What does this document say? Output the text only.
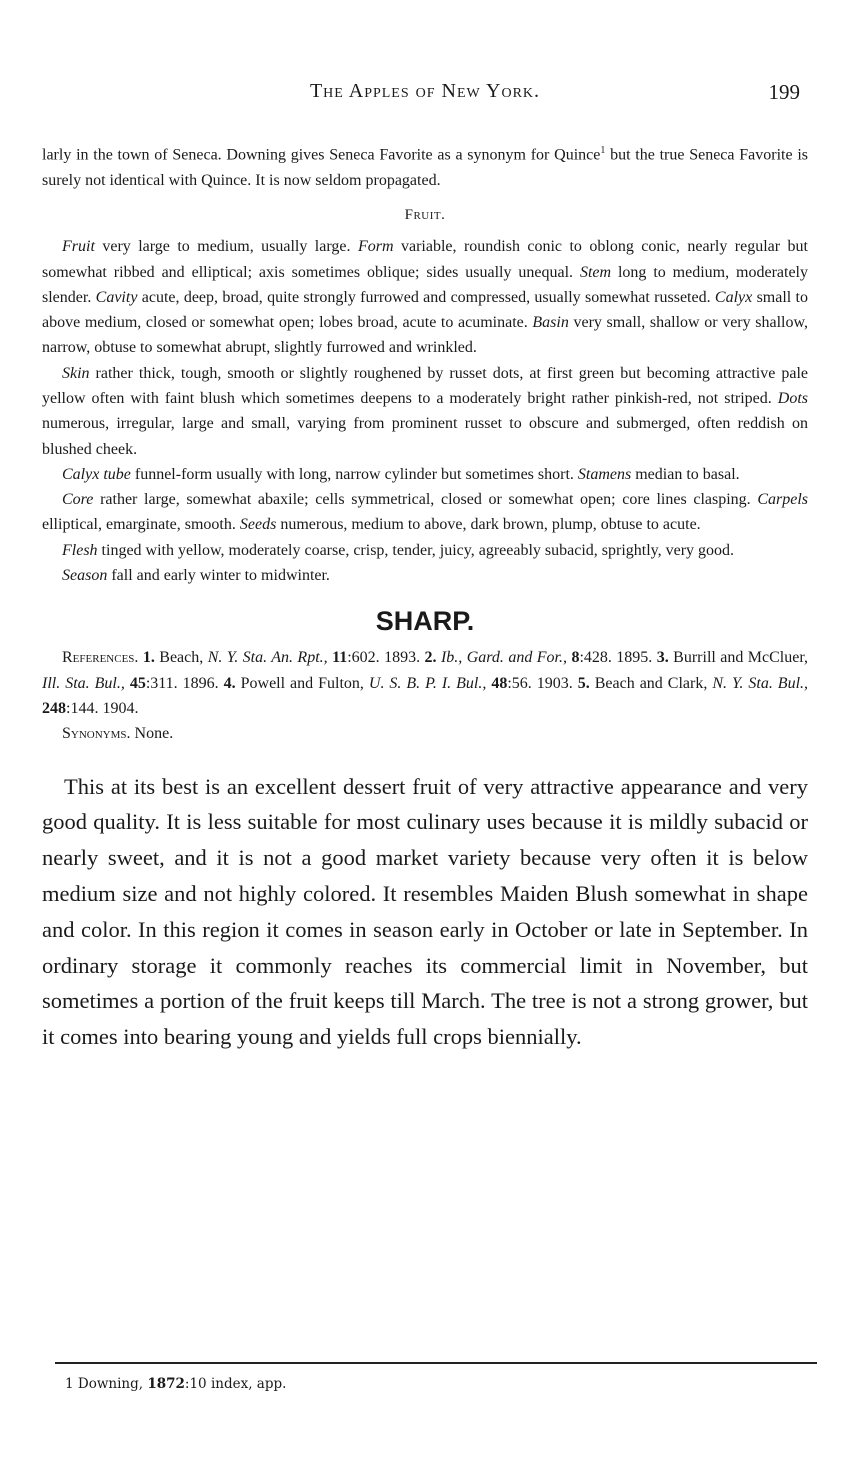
The Apples of New York.	199

larly in the town of Seneca. Downing gives Seneca Favorite as a synonym for Quince$^1$ but the true Seneca Favorite is surely not identical with Quince. It is now seldom propagated.

Fruit.

Fruit very large to medium, usually large. Form variable, roundish conic to oblong conic, nearly regular but somewhat ribbed and elliptical; axis sometimes oblique; sides usually unequal. Stem long to medium, moderately slender. Cavity acute, deep, broad, quite strongly furrowed and compressed, usually somewhat russeted. Calyx small to above medium, closed or somewhat open; lobes broad, acute to acuminate. Basin very small, shallow or very shallow, narrow, obtuse to somewhat abrupt, slightly furrowed and wrinkled.

Skin rather thick, tough, smooth or slightly roughened by russet dots, at first green but becoming attractive pale yellow often with faint blush which sometimes deepens to a moderately bright rather pinkish-red, not striped. Dots numerous, irregular, large and small, varying from prominent russet to obscure and submerged, often reddish on blushed cheek.

Calyx tube funnel-form usually with long, narrow cylinder but sometimes short. Stamens median to basal.

Core rather large, somewhat abaxile; cells symmetrical, closed or somewhat open; core lines clasping. Carpels elliptical, emarginate, smooth. Seeds numerous, medium to above, dark brown, plump, obtuse to acute.

Flesh tinged with yellow, moderately coarse, crisp, tender, juicy, agreeably subacid, sprightly, very good.

Season fall and early winter to midwinter.

SHARP.

References. 1. Beach, N. Y. Sta. An. Rpt., 11:602. 1893. 2. Ib., Gard. and For., 8:428. 1895. 3. Burrill and McCluer, Ill. Sta. Bul., 45:311. 1896. 4. Powell and Fulton, U. S. B. P. I. Bul., 48:56. 1903. 5. Beach and Clark, N. Y. Sta. Bul., 248:144. 1904.

Synonyms. None.

This at its best is an excellent dessert fruit of very attractive appearance and very good quality. It is less suitable for most culinary uses because it is mildly subacid or nearly sweet, and it is not a good market variety because very often it is below medium size and not highly colored. It resembles Maiden Blush somewhat in shape and color. In this region it comes in season early in October or late in September. In ordinary storage it commonly reaches its commercial limit in November, but sometimes a portion of the fruit keeps till March. The tree is not a strong grower, but it comes into bearing young and yields full crops biennially.

1 Downing, 1872:10 index, app.
